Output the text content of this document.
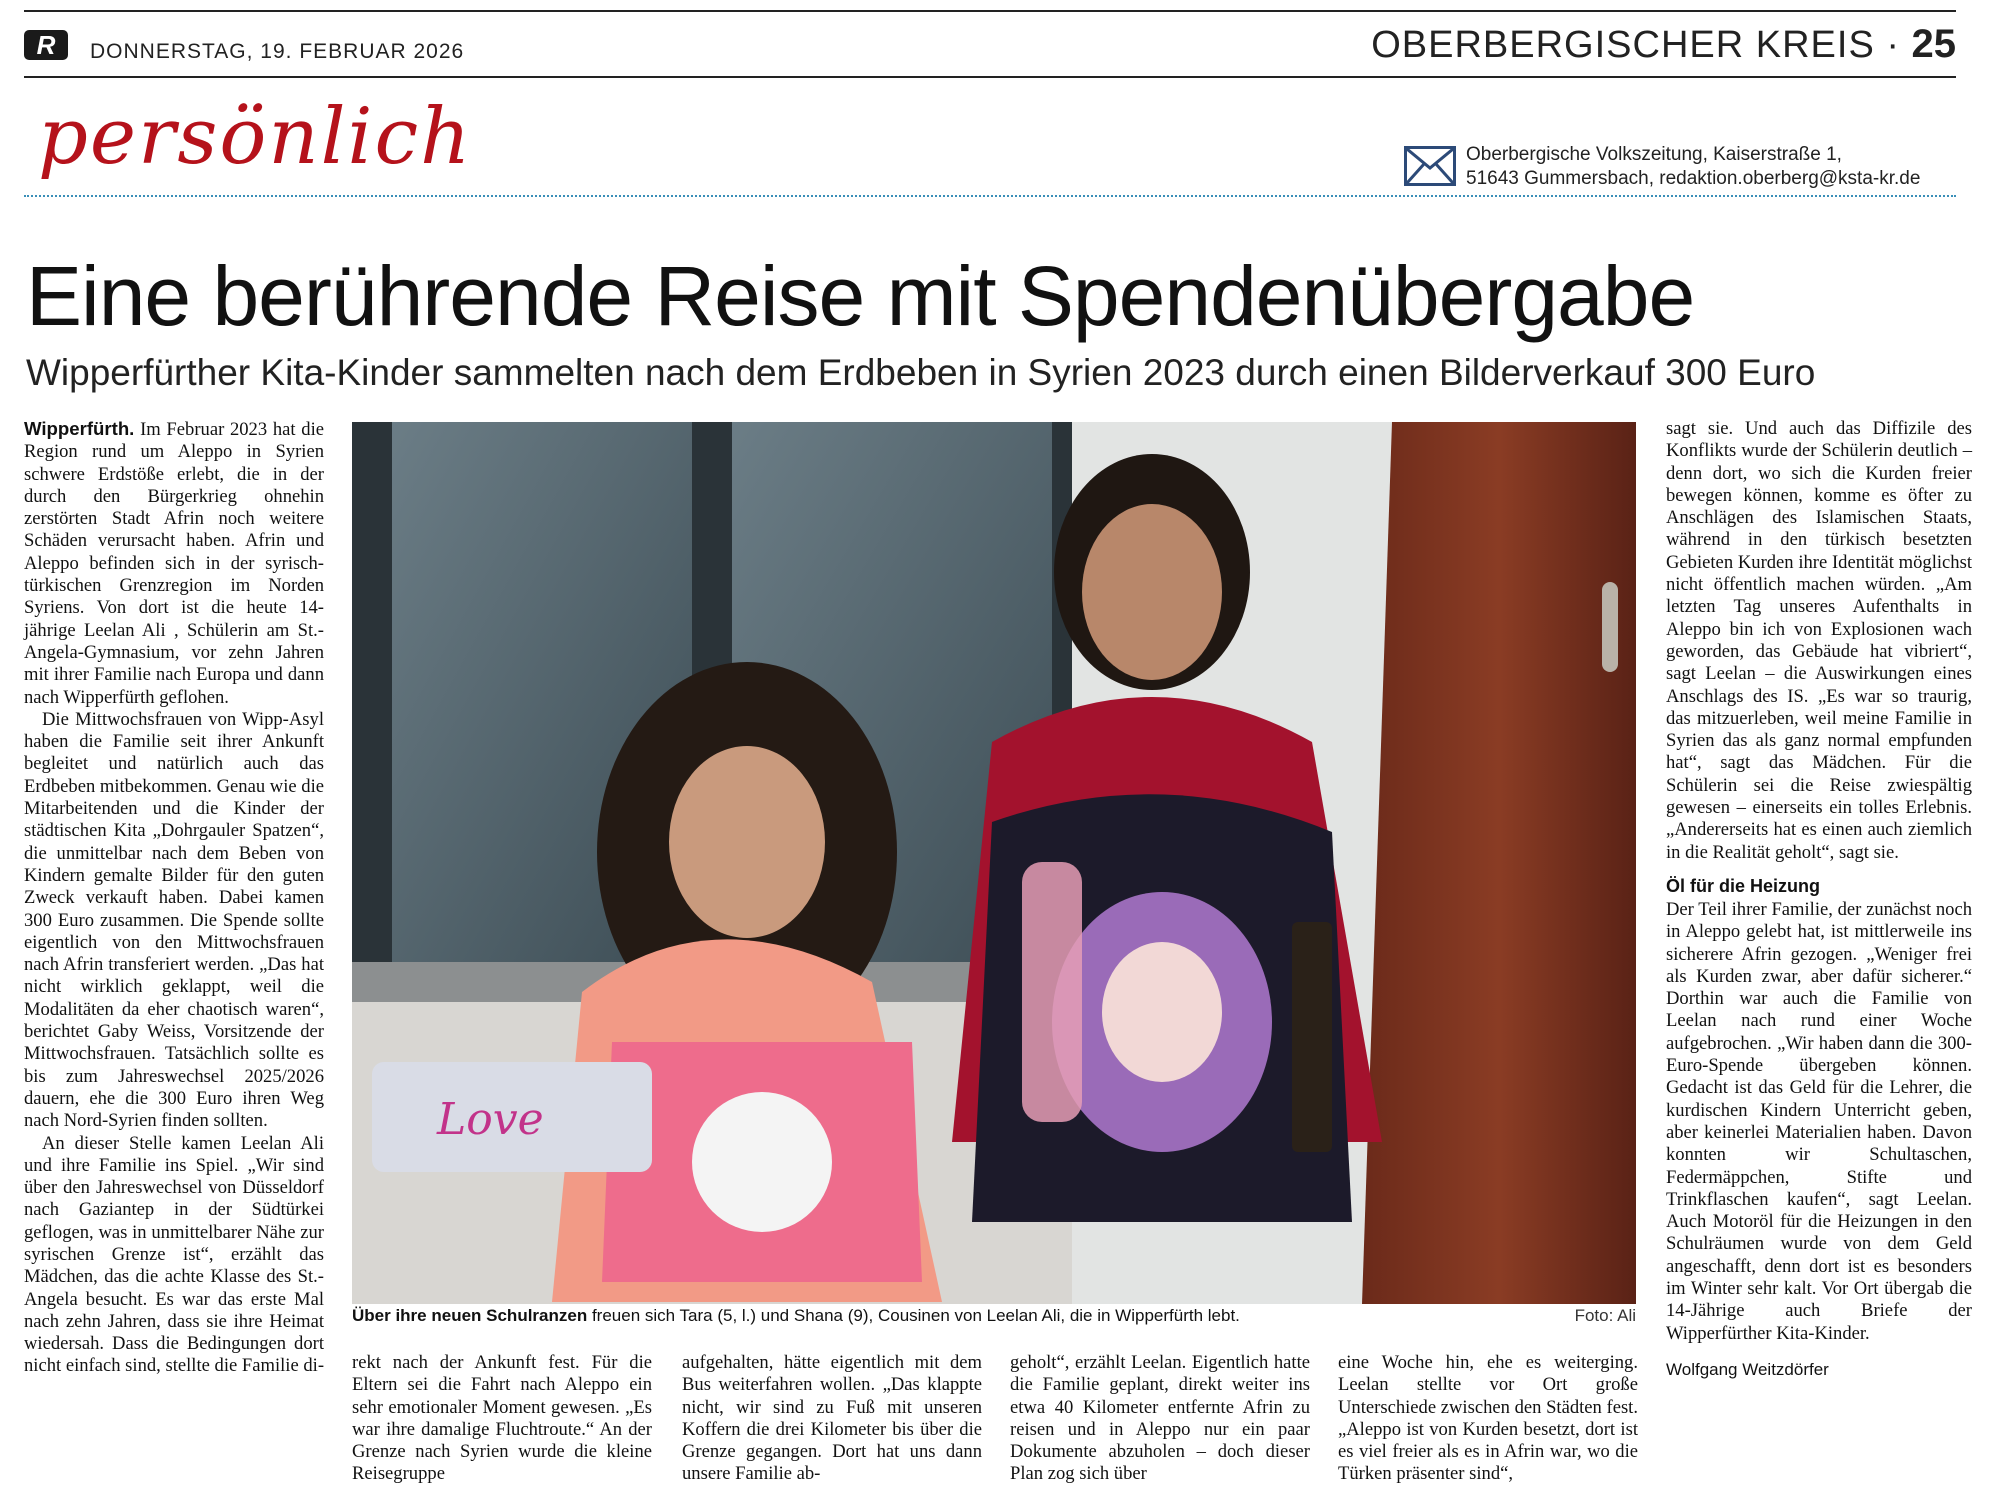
R	DONNERSTAG, 19. FEBRUAR 2026	OBERBERGISCHER KREIS · 25
persönlich	Oberbergische Volkszeitung, Kaiserstraße 1,
51643 Gummersbach, redaktion.oberberg@ksta-kr.de
Eine berührende Reise mit Spendenübergabe
Wipperfürther Kita-Kinder sammelten nach dem Erdbeben in Syrien 2023 durch einen Bilderverkauf 300 Euro

Wipperfürth. Im Februar 2023 hat die Region rund um Aleppo in Syrien schwere Erdstöße erlebt, die in der durch den Bürgerkrieg ohnehin zerstörten Stadt Afrin noch weitere Schäden verursacht haben. Afrin und Aleppo befinden sich in der syrisch-türkischen Grenzregion im Norden Syriens. Von dort ist die heute 14-jährige Leelan Ali , Schülerin am St.-Angela-Gymnasium, vor zehn Jahren mit ihrer Familie nach Europa und dann nach Wipperfürth geflohen.

Die Mittwochsfrauen von Wipp-Asyl haben die Familie seit ihrer Ankunft begleitet und natürlich auch das Erdbeben mitbekommen. Genau wie die Mitarbeitenden und die Kinder der städtischen Kita „Dohrgauler Spatzen“, die unmittelbar nach dem Beben von Kindern gemalte Bilder für den guten Zweck verkauft haben. Dabei kamen 300 Euro zusammen. Die Spende sollte eigentlich von den Mittwochsfrauen nach Afrin transferiert werden. „Das hat nicht wirklich geklappt, weil die Modalitäten da eher chaotisch waren“, berichtet Gaby Weiss, Vorsitzende der Mittwochsfrauen. Tatsächlich sollte es bis zum Jahreswechsel 2025/2026 dauern, ehe die 300 Euro ihren Weg nach Nord-Syrien finden sollten.

An dieser Stelle kamen Leelan Ali und ihre Familie ins Spiel. „Wir sind über den Jahreswechsel von Düsseldorf nach Gaziantep in der Südtürkei geflogen, was in unmittelbarer Nähe zur syrischen Grenze ist“, erzählt das Mädchen, das die achte Klasse des St.-Angela besucht. Es war das erste Mal nach zehn Jahren, dass sie ihre Heimat wiedersah. Dass die Bedingungen dort nicht einfach sind, stellte die Familie di-

Love
Über ihre neuen Schulranzen freuen sich Tara (5, l.) und Shana (9), Cousinen von Leelan Ali, die in Wipperfürth lebt.	Foto: Ali

rekt nach der Ankunft fest. Für die Eltern sei die Fahrt nach Aleppo ein sehr emotionaler Moment gewesen. „Es war ihre damalige Fluchtroute.“ An der Grenze nach Syrien wurde die kleine Reisegruppe

aufgehalten, hätte eigentlich mit dem Bus weiterfahren wollen. „Das klappte nicht, wir sind zu Fuß mit unseren Koffern die drei Kilometer bis über die Grenze gegangen. Dort hat uns dann unsere Familie ab-

geholt“, erzählt Leelan. Eigentlich hatte die Familie geplant, direkt weiter ins etwa 40 Kilometer entfernte Afrin zu reisen und in Aleppo nur ein paar Dokumente abzuholen – doch dieser Plan zog sich über

eine Woche hin, ehe es weiterging. Leelan stellte vor Ort große Unterschiede zwischen den Städten fest. „Aleppo ist von Kurden besetzt, dort ist es viel freier als es in Afrin war, wo die Türken präsenter sind“,

sagt sie. Und auch das Diffizile des Konflikts wurde der Schülerin deutlich – denn dort, wo sich die Kurden freier bewegen können, komme es öfter zu Anschlägen des Islamischen Staats, während in den türkisch besetzten Gebieten Kurden ihre Identität möglichst nicht öffentlich machen würden. „Am letzten Tag unseres Aufenthalts in Aleppo bin ich von Explosionen wach geworden, das Gebäude hat vibriert“, sagt Leelan – die Auswirkungen eines Anschlags des IS. „Es war so traurig, das mitzuerleben, weil meine Familie in Syrien das als ganz normal empfunden hat“, sagt das Mädchen. Für die Schülerin sei die Reise zwiespältig gewesen – einerseits ein tolles Erlebnis. „Andererseits hat es einen auch ziemlich in die Realität geholt“, sagt sie.

Öl für die Heizung

Der Teil ihrer Familie, der zunächst noch in Aleppo gelebt hat, ist mittlerweile ins sicherere Afrin gezogen. „Weniger frei als Kurden zwar, aber dafür sicherer.“ Dorthin war auch die Familie von Leelan nach rund einer Woche aufgebrochen. „Wir haben dann die 300-Euro-Spende übergeben können. Gedacht ist das Geld für die Lehrer, die kurdischen Kindern Unterricht geben, aber keinerlei Materialien haben. Davon konnten wir Schultaschen, Federmäppchen, Stifte und Trinkflaschen kaufen“, sagt Leelan. Auch Motoröl für die Heizungen in den Schulräumen wurde von dem Geld angeschafft, denn dort ist es besonders im Winter sehr kalt. Vor Ort übergab die 14-Jährige auch Briefe der Wipperfürther Kita-Kinder.

Wolfgang Weitzdörfer
